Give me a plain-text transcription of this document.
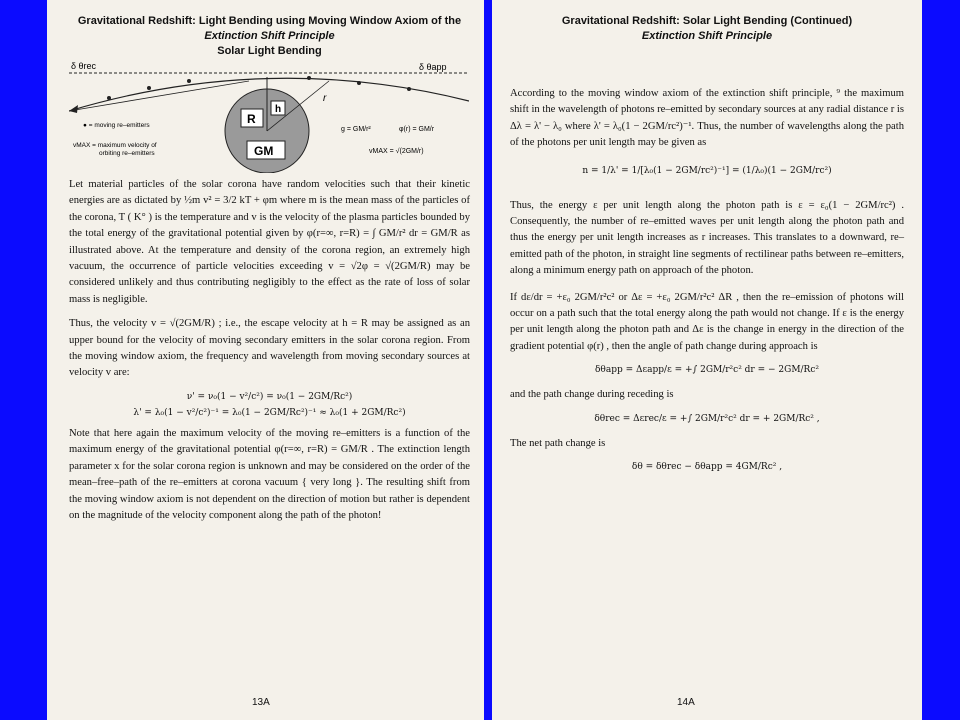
Gravitational Redshift: Light Bending using Moving Window Axiom of the
Extinction Shift Principle
Solar Light Bending
R
h
r
GM
δ θrec	δ θapp
● = moving re–emitters
vMAX = maximum velocity of
orbiting re–emitters
g = GM/r²	φ(r) = GM/r
vMAX = √(2GM/r)

Let material particles of the solar corona have random velocities such that their kinetic energies are as dictated by ½m v² = 3/2 kT + φm where m is the mean mass of the particles of the corona, T ( K° ) is the temperature and v is the velocity of the plasma particles bounded by the total energy of the gravitational potential given by φ(r=∞, r=R) = ∫ GM/r² dr = GM/R as illustrated above. At the temperature and density of the corona region, an extremely high vacuum, the occurrence of particle velocities exceeding v = √2φ = √(2GM/R) may be considered unlikely and thus contributing negligibly to the effect as the rate of loss of solar mass is negligible.

Thus, the velocity v = √(2GM/R) ; i.e., the escape velocity at h = R may be assigned as an upper bound for the velocity of moving secondary emitters in the solar corona region. From the moving window axiom, the frequency and wavelength from moving secondary sources at velocity v are:

ν' = ν₀(1 − v²/c²) = ν₀(1 − 2GM/Rc²)
λ' = λ₀(1 − v²/c²)⁻¹ = λ₀(1 − 2GM/Rc²)⁻¹ ≈ λ₀(1 + 2GM/Rc²)

Note that here again the maximum velocity of the moving re–emitters is a function of the maximum energy of the gravitational potential φ(r=∞, r=R) = GM/R . The extinction length parameter x for the solar corona region is unknown and may be considered on the order of the mean–free–path of the re–emitters at corona vacuum { very long }. The resulting shift from the moving window axiom is not dependent on the direction of motion but rather is dependent on the magnitude of the velocity component along the path of the photon!

13A
Gravitational Redshift: Solar Light Bending (Continued)
Extinction Shift Principle

According to the moving window axiom of the extinction shift principle, ⁹ the maximum shift in the wavelength of photons re–emitted by secondary sources at any radial distance r is Δλ = λ' − λ₀ where λ' = λ₀(1 − 2GM/rc²)⁻¹. Thus, the number of wavelengths along the path of the photons per unit length may be given as

n = 1/λ' = 1/[λ₀(1 − 2GM/rc²)⁻¹] = (1/λ₀)(1 − 2GM/rc²)

Thus, the energy ε per unit length along the photon path is ε = ε₀(1 − 2GM/rc²) . Consequently, the number of re–emitted waves per unit length along the photon path and thus the energy per unit length increases as r increases. This translates to a downward, re–emitted path of the photon, in straight line segments of rectilinear paths between re–emitters, along a minimum energy path on approach of the photon.

If dε/dr = +ε₀ 2GM/r²c² or Δε = +ε₀ 2GM/r²c² ΔR , then the re–emission of photons will occur on a path such that the total energy along the path would not change. If ε is the energy per unit length along the photon path and Δε is the change in energy in the direction of the gradient potential φ(r) , then the angle of path change during approach is

δθapp = Δεapp/ε = +∫ 2GM/r²c² dr = − 2GM/Rc²

and the path change during receding is

δθrec = Δεrec/ε = +∫ 2GM/r²c² dr = + 2GM/Rc² ,

The net path change is

δθ = δθrec − δθapp = 4GM/Rc² ,
14A
